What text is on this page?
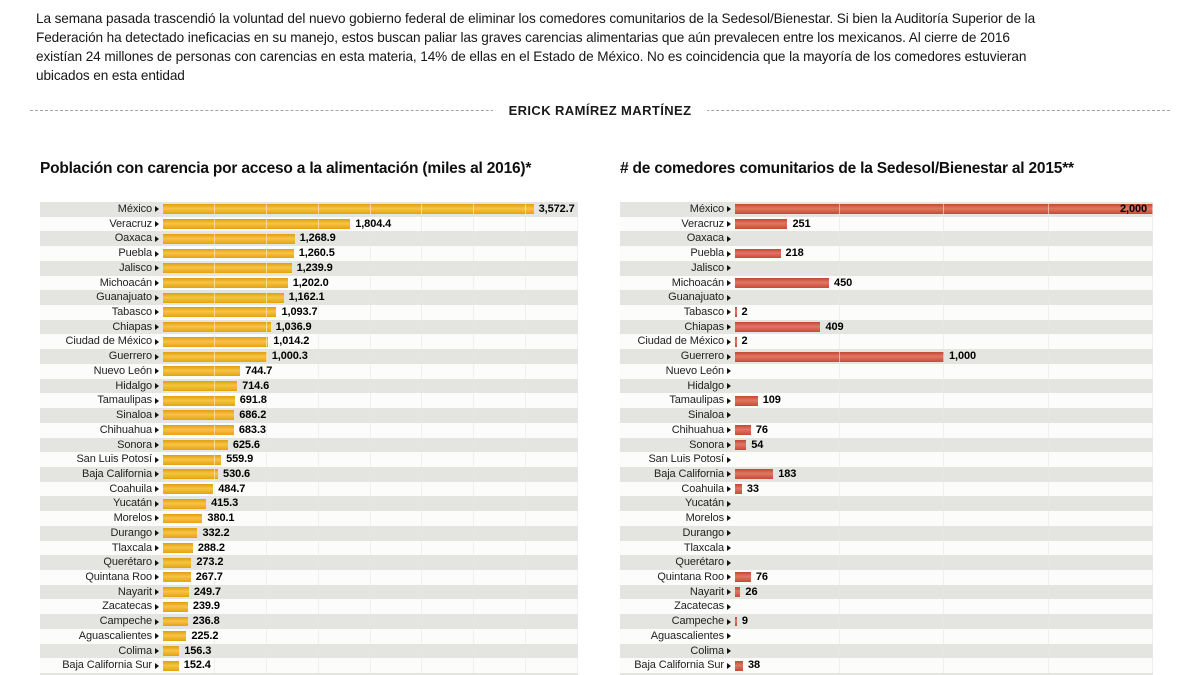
La semana pasada trascendió la voluntad del nuevo gobierno federal de eliminar los comedores comunitarios de la Sedesol/Bienestar. Si bien la Auditoría Superior de la
Federación ha detectado ineficacias en su manejo, estos buscan paliar las graves carencias alimentarias que aún prevalecen entre los mexicanos. Al cierre de 2016
existían 24 millones de personas con carencias en esta materia, 14% de ellas en el Estado de México. No es coincidencia que la mayoría de los comedores estuvieran
ubicados en esta entidad
ERICK RAMÍREZ MARTÍNEZ
Población con carencia por acceso a la alimentación (miles al 2016)*	# de comedores comunitarios de la Sedesol/Bienestar al 2015**
México	3,572.7
Veracruz	1,804.4
Oaxaca	1,268.9
Puebla	1,260.5
Jalisco	1,239.9
Michoacán	1,202.0
Guanajuato	1,162.1
Tabasco	1,093.7
Chiapas	1,036.9
Ciudad de México	1,014.2
Guerrero	1,000.3
Nuevo León	744.7
Hidalgo	714.6
Tamaulipas	691.8
Sinaloa	686.2
Chihuahua	683.3
Sonora	625.6
San Luis Potosí	559.9
Baja California	530.6
Coahuila	484.7
Yucatán	415.3
Morelos	380.1
Durango	332.2
Tlaxcala	288.2
Querétaro	273.2
Quintana Roo	267.7
Nayarit	249.7
Zacatecas	239.9
Campeche	236.8
Aguascalientes	225.2
Colima	156.3
Baja California Sur	152.4
México	2,000
Veracruz	251
Oaxaca
Puebla	218
Jalisco
Michoacán	450
Guanajuato
Tabasco 2
Chiapas	409
Ciudad de México 2
Guerrero	1,000
Nuevo León
Hidalgo
Tamaulipas	109
Sinaloa
Chihuahua	76
Sonora 54
San Luis Potosí
Baja California	183
Coahuila 33
Yucatán
Morelos
Durango
Tlaxcala
Querétaro
Quintana Roo	76
Nayarit 26
Zacatecas
Campeche 9
Aguascalientes
Colima
Baja California Sur 38
